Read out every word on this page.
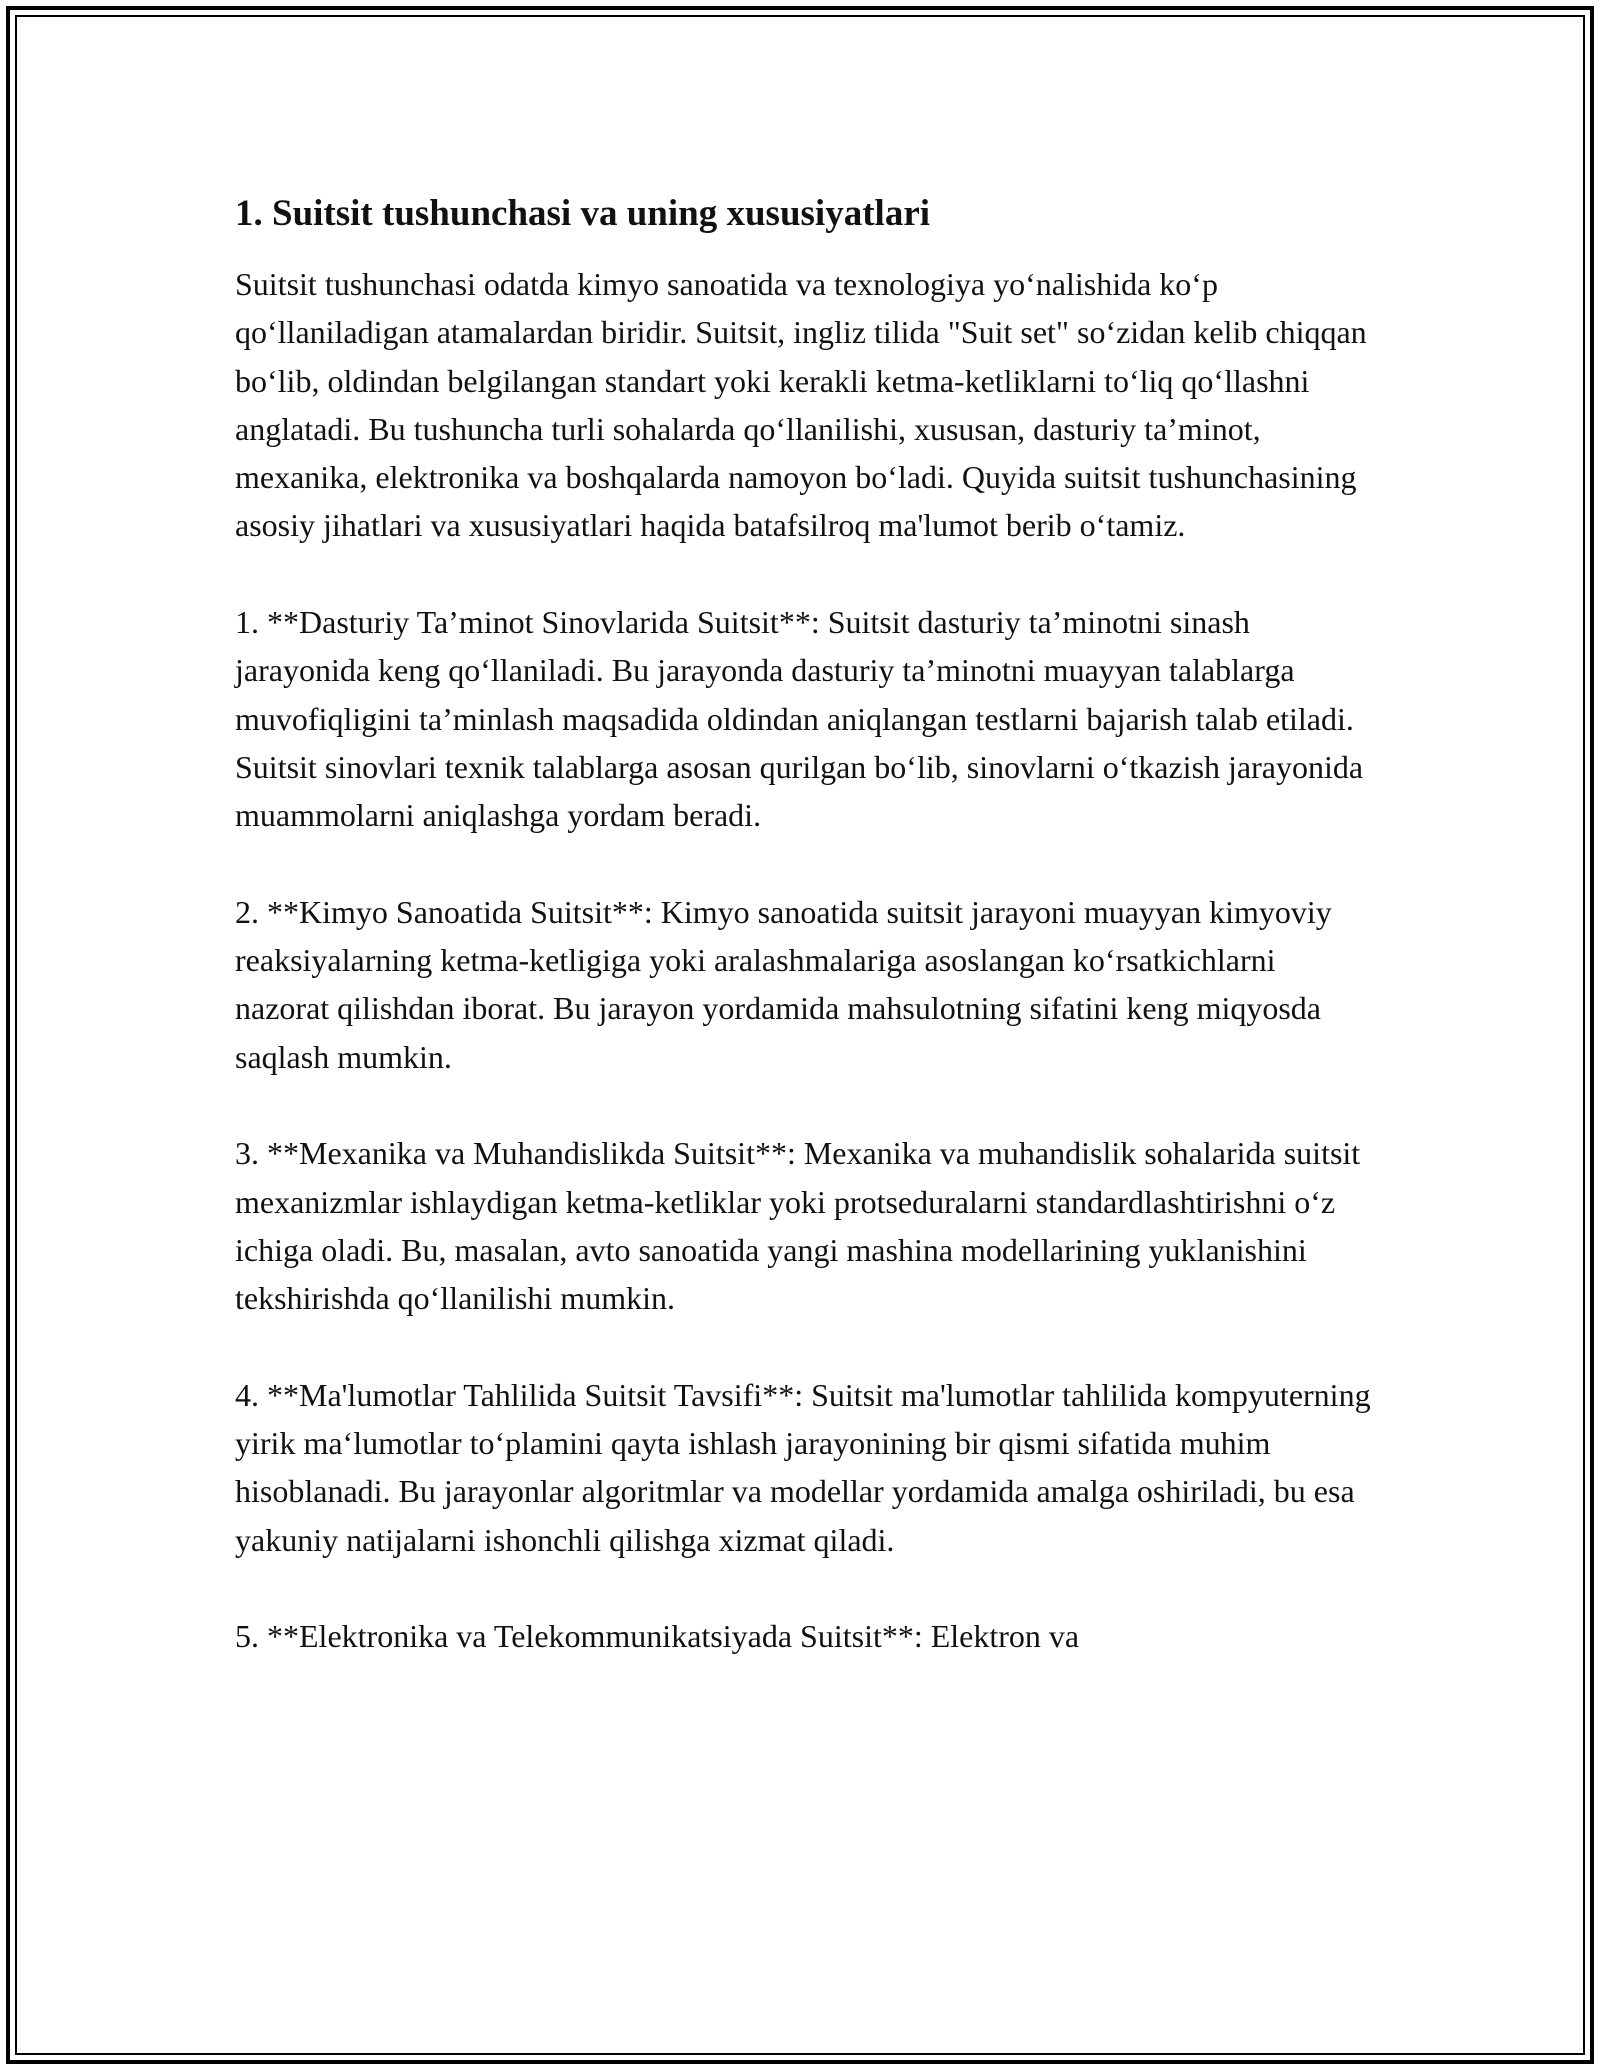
1. Suitsit tushunchasi va uning xususiyatlari

Suitsit tushunchasi odatda kimyo sanoatida va texnologiya yo‘nalishida ko‘p qo‘llaniladigan atamalardan biridir. Suitsit, ingliz tilida "Suit set" so‘zidan kelib chiqqan bo‘lib, oldindan belgilangan standart yoki kerakli ketma-ketliklarni to‘liq qo‘llashni anglatadi. Bu tushuncha turli sohalarda qo‘llanilishi, xususan, dasturiy ta’minot, mexanika, elektronika va boshqalarda namoyon bo‘ladi. Quyida suitsit tushunchasining asosiy jihatlari va xususiyatlari haqida batafsilroq ma'lumot berib o‘tamiz.

1. **Dasturiy Ta’minot Sinovlarida Suitsit**: Suitsit dasturiy ta’minotni sinash jarayonida keng qo‘llaniladi. Bu jarayonda dasturiy ta’minotni muayyan talablarga muvofiqligini ta’minlash maqsadida oldindan aniqlangan testlarni bajarish talab etiladi. Suitsit sinovlari texnik talablarga asosan qurilgan bo‘lib, sinovlarni o‘tkazish jarayonida muammolarni aniqlashga yordam beradi.

2. **Kimyo Sanoatida Suitsit**: Kimyo sanoatida suitsit jarayoni muayyan kimyoviy reaksiyalarning ketma-ketligiga yoki aralashmalariga asoslangan ko‘rsatkichlarni nazorat qilishdan iborat. Bu jarayon yordamida mahsulotning sifatini keng miqyosda saqlash mumkin.

3. **Mexanika va Muhandislikda Suitsit**: Mexanika va muhandislik sohalarida suitsit mexanizmlar ishlaydigan ketma-ketliklar yoki protseduralarni standardlashtirishni o‘z ichiga oladi. Bu, masalan, avto sanoatida yangi mashina modellarining yuklanishini tekshirishda qo‘llanilishi mumkin.

4. **Ma'lumotlar Tahlilida Suitsit Tavsifi**: Suitsit ma'lumotlar tahlilida kompyuterning yirik ma‘lumotlar to‘plamini qayta ishlash jarayonining bir qismi sifatida muhim hisoblanadi. Bu jarayonlar algoritmlar va modellar yordamida amalga oshiriladi, bu esa yakuniy natijalarni ishonchli qilishga xizmat qiladi.

5. **Elektronika va Telekommunikatsiyada Suitsit**: Elektron va
